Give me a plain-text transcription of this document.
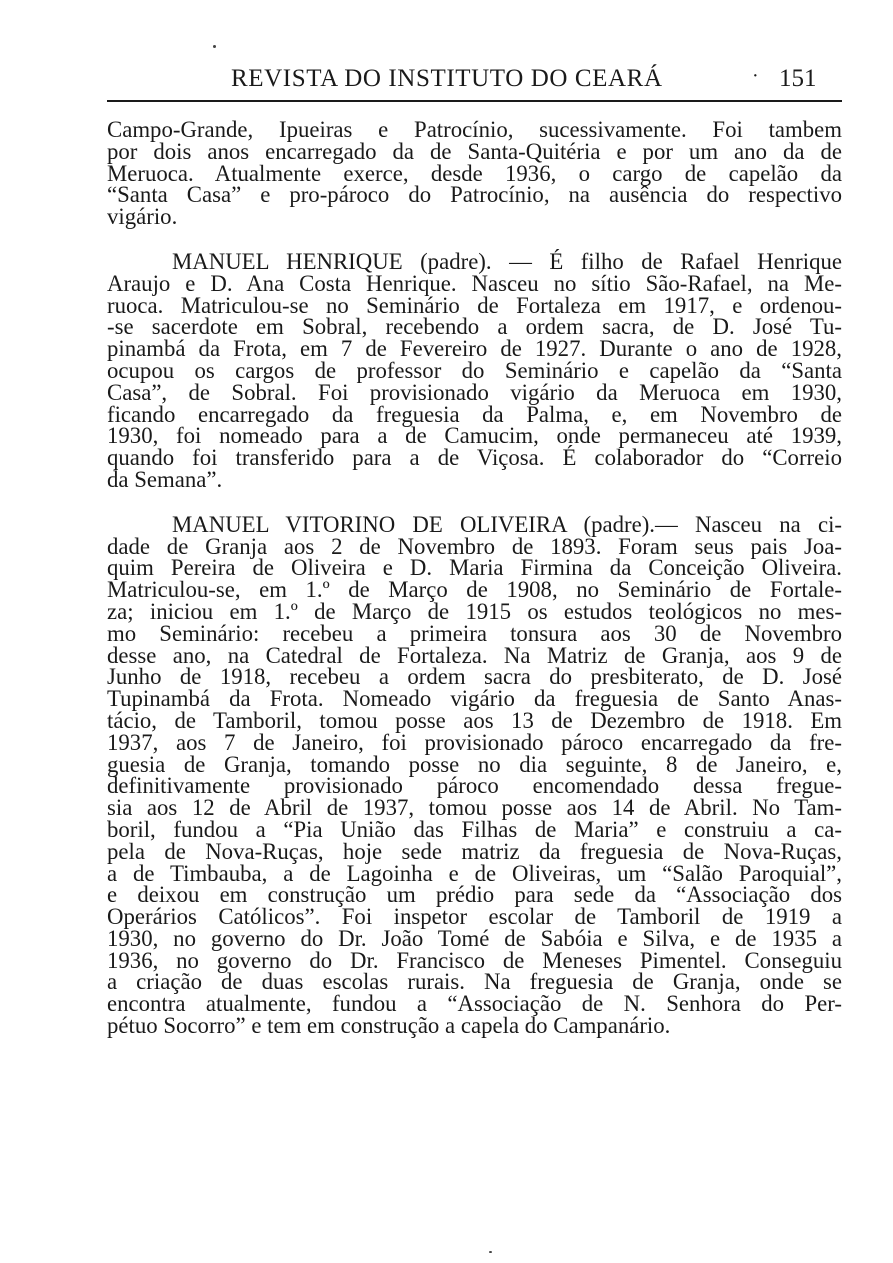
REVISTA DO INSTITUTO DO CEARÁ	· 151
Campo-Grande, Ipueiras e Patrocínio, sucessivamente. Foi tambem
por dois anos encarregado da de Santa-Quitéria e por um ano da de
Meruoca. Atualmente exerce, desde 1936, o cargo de capelão da
“Santa Casa” e pro-pároco do Patrocínio, na ausência do respectivo
vigário.
MANUEL HENRIQUE (padre). — É filho de Rafael Henrique
Araujo e D. Ana Costa Henrique. Nasceu no sítio São-Rafael, na Me-
ruoca. Matriculou-se no Seminário de Fortaleza em 1917, e ordenou-
-se sacerdote em Sobral, recebendo a ordem sacra, de D. José Tu-
pinambá da Frota, em 7 de Fevereiro de 1927. Durante o ano de 1928,
ocupou os cargos de professor do Seminário e capelão da “Santa
Casa”, de Sobral. Foi provisionado vigário da Meruoca em 1930,
ficando encarregado da freguesia da Palma, e, em Novembro de
1930, foi nomeado para a de Camucim, onde permaneceu até 1939,
quando foi transferido para a de Viçosa. É colaborador do “Correio
da Semana”.
MANUEL VITORINO DE OLIVEIRA (padre).— Nasceu na ci-
dade de Granja aos 2 de Novembro de 1893. Foram seus pais Joa-
quim Pereira de Oliveira e D. Maria Firmina da Conceição Oliveira.
Matriculou-se, em 1.º de Março de 1908, no Seminário de Fortale-
za; iniciou em 1.º de Março de 1915 os estudos teológicos no mes-
mo Seminário: recebeu a primeira tonsura aos 30 de Novembro
desse ano, na Catedral de Fortaleza. Na Matriz de Granja, aos 9 de
Junho de 1918, recebeu a ordem sacra do presbiterato, de D. José
Tupinambá da Frota. Nomeado vigário da freguesia de Santo Anas-
tácio, de Tamboril, tomou posse aos 13 de Dezembro de 1918. Em
1937, aos 7 de Janeiro, foi provisionado pároco encarregado da fre-
guesia de Granja, tomando posse no dia seguinte, 8 de Janeiro, e,
definitivamente provisionado pároco encomendado dessa fregue-
sia aos 12 de Abril de 1937, tomou posse aos 14 de Abril. No Tam-
boril, fundou a “Pia União das Filhas de Maria” e construiu a ca-
pela de Nova-Ruças, hoje sede matriz da freguesia de Nova-Ruças,
a de Timbauba, a de Lagoinha e de Oliveiras, um “Salão Paroquial”,
e deixou em construção um prédio para sede da “Associação dos
Operários Católicos”. Foi inspetor escolar de Tamboril de 1919 a
1930, no governo do Dr. João Tomé de Sabóia e Silva, e de 1935 a
1936, no governo do Dr. Francisco de Meneses Pimentel. Conseguiu
a criação de duas escolas rurais. Na freguesia de Granja, onde se
encontra atualmente, fundou a “Associação de N. Senhora do Per-
pétuo Socorro” e tem em construção a capela do Campanário.
